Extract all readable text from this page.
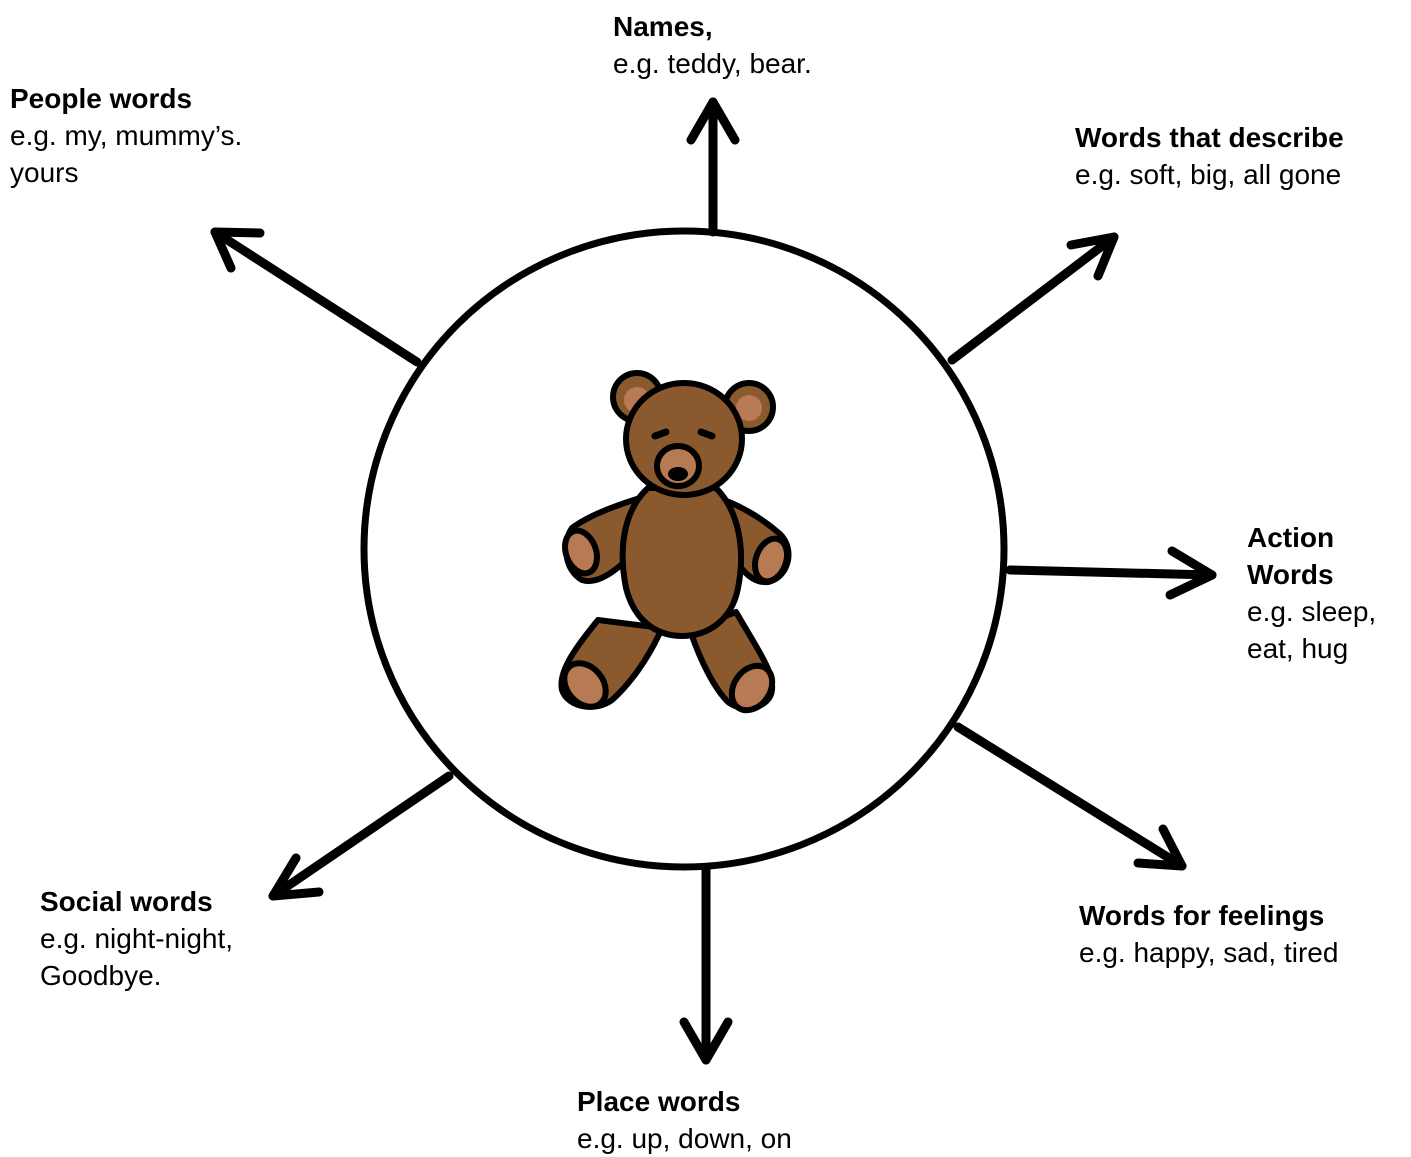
Names,
e.g. teddy, bear.
People words
e.g. my, mummy’s.
yours
Words that describe
e.g. soft, big, all gone
Action
Words
e.g. sleep,
eat, hug
Words for feelings
e.g. happy, sad, tired
Social words
e.g. night-night,
Goodbye.
Place words
e.g. up, down, on
